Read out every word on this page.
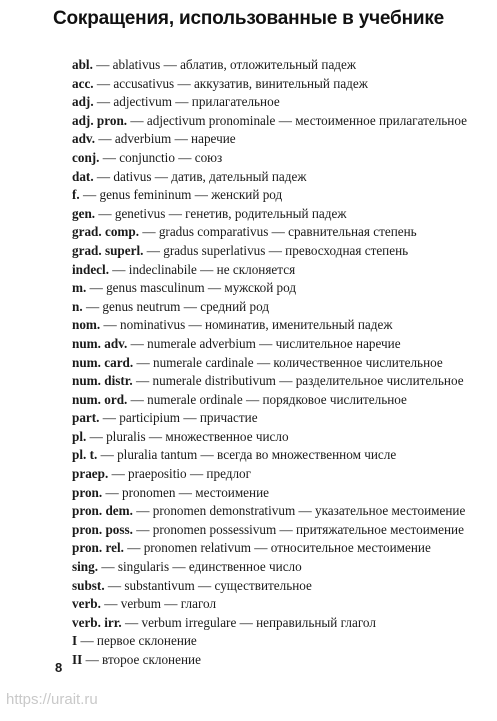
Сокращения, использованные в учебнике
abl. — ablativus — аблатив, отложительный падеж
acc. — accusativus — аккузатив, винительный падеж
adj. — adjectivum — прилагательное
adj. pron. — adjectivum pronominale — местоименное прилагательное
adv. — adverbium — наречие
conj. — conjunctio — союз
dat. — dativus — датив, дательный падеж
f. — genus femininum — женский род
gen. — genetivus — генетив, родительный падеж
grad. comp. — gradus comparativus — сравнительная степень
grad. superl. — gradus superlativus — превосходная степень
indecl. — indeclinabile — не склоняется
m. — genus masculinum — мужской род
n. — genus neutrum — средний род
nom. — nominativus — номинатив, именительный падеж
num. adv. — numerale adverbium — числительное наречие
num. card. — numerale cardinale — количественное числительное
num. distr. — numerale distributivum — разделительное числительное
num. ord. — numerale ordinale — порядковое числительное
part. — participium — причастие
pl. — pluralis — множественное число
pl. t. — pluralia tantum — всегда во множественном числе
praep. — praepositio — предлог
pron. — pronomen — местоимение
pron. dem. — pronomen demonstrativum — указательное местоимение
pron. poss. — pronomen possessivum — притяжательное местоимение
pron. rel. — pronomen relativum — относительное местоимение
sing. — singularis — единственное число
subst. — substantivum — существительное
verb. — verbum — глагол
verb. irr. — verbum irregulare — неправильный глагол
I — первое склонение
II — второе склонение
8
https://urait.ru
